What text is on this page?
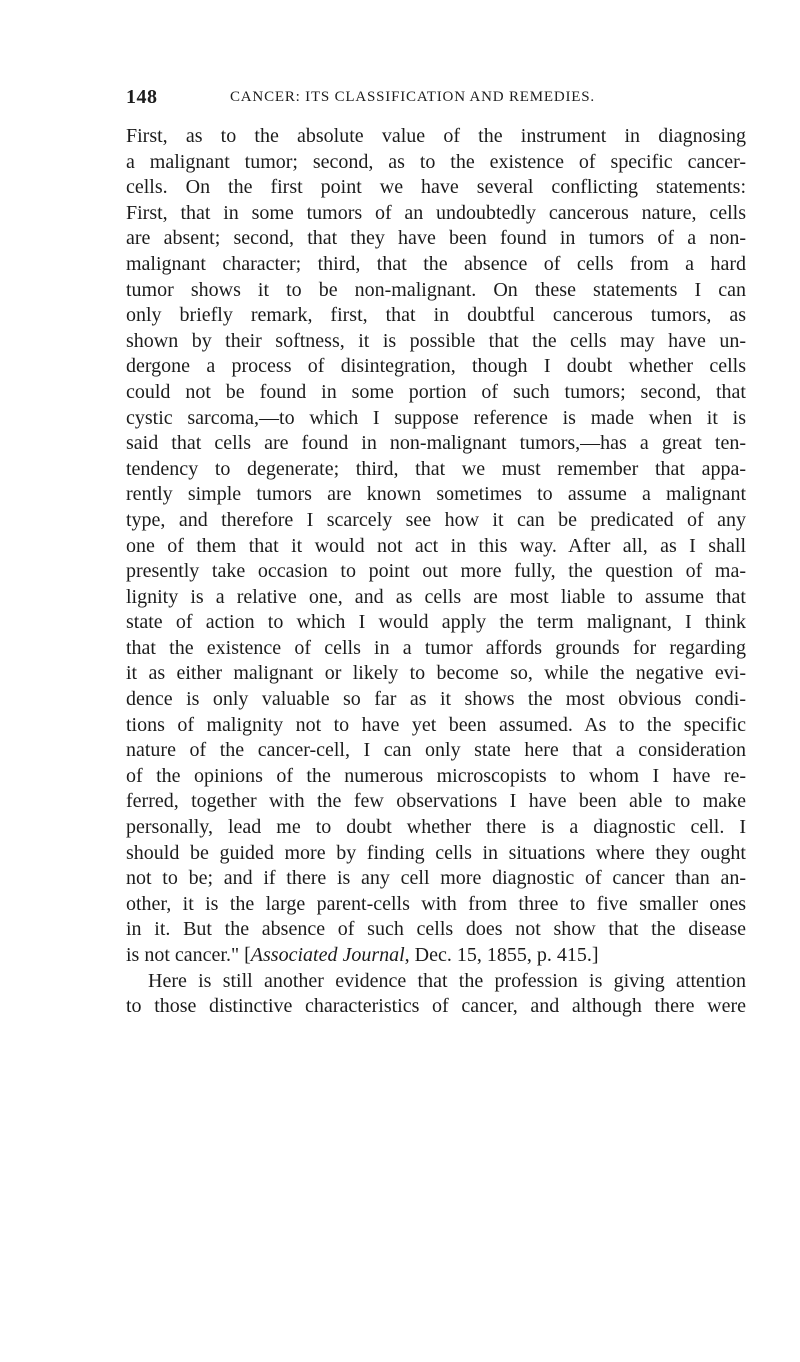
148	CANCER: ITS CLASSIFICATION AND REMEDIES.
First, as to the absolute value of the instrument in diagnosing
a malignant tumor; second, as to the existence of specific cancer-
cells. On the first point we have several conflicting statements:
First, that in some tumors of an undoubtedly cancerous nature, cells
are absent; second, that they have been found in tumors of a non-
malignant character; third, that the absence of cells from a hard
tumor shows it to be non-malignant. On these statements I can
only briefly remark, first, that in doubtful cancerous tumors, as
shown by their softness, it is possible that the cells may have un-
dergone a process of disintegration, though I doubt whether cells
could not be found in some portion of such tumors; second, that
cystic sarcoma,—to which I suppose reference is made when it is
said that cells are found in non-malignant tumors,—has a great ten-
tendency to degenerate; third, that we must remember that appa-
rently simple tumors are known sometimes to assume a malignant
type, and therefore I scarcely see how it can be predicated of any
one of them that it would not act in this way. After all, as I shall
presently take occasion to point out more fully, the question of ma-
lignity is a relative one, and as cells are most liable to assume that
state of action to which I would apply the term malignant, I think
that the existence of cells in a tumor affords grounds for regarding
it as either malignant or likely to become so, while the negative evi-
dence is only valuable so far as it shows the most obvious condi-
tions of malignity not to have yet been assumed. As to the specific
nature of the cancer-cell, I can only state here that a consideration
of the opinions of the numerous microscopists to whom I have re-
ferred, together with the few observations I have been able to make
personally, lead me to doubt whether there is a diagnostic cell. I
should be guided more by finding cells in situations where they ought
not to be; and if there is any cell more diagnostic of cancer than an-
other, it is the large parent-cells with from three to five smaller ones
in it. But the absence of such cells does not show that the disease
is not cancer." [Associated Journal, Dec. 15, 1855, p. 415.]
Here is still another evidence that the profession is giving attention
to those distinctive characteristics of cancer, and although there were
